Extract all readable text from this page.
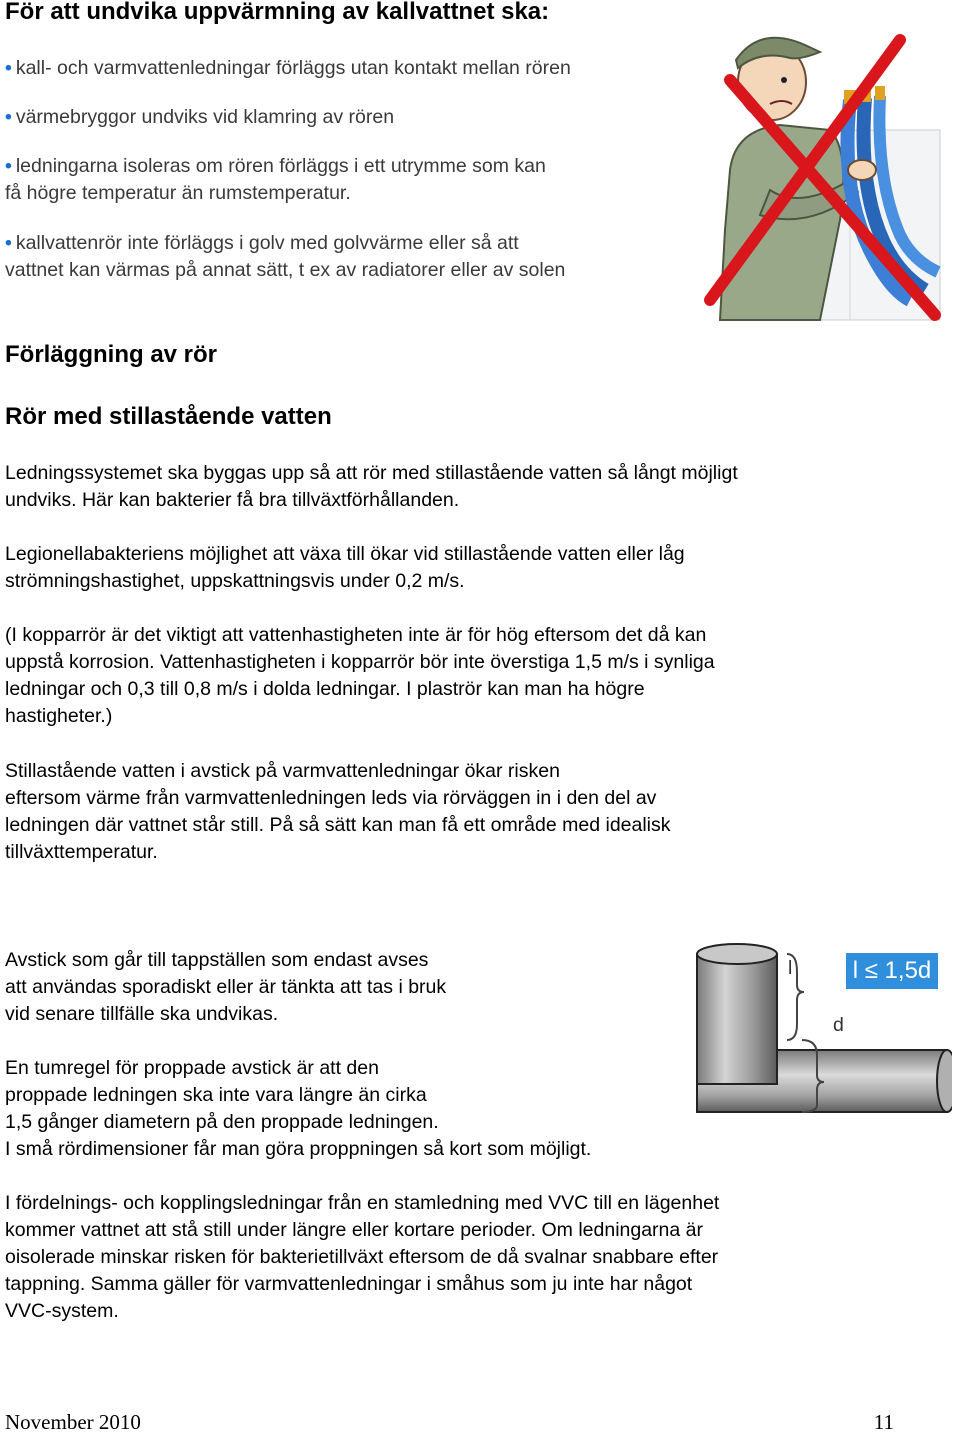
För att undvika uppvärmning av kallvattnet ska:
• kall- och varmvattenledningar förläggs utan kontakt mellan rören
• värmebryggor undviks vid klamring av rören
• ledningarna isoleras om rören förläggs i ett utrymme som kan
få högre temperatur än rumstemperatur.
• kallvattenrör inte förläggs i golv med golvvärme eller så att
vattnet kan värmas på annat sätt, t ex av radiatorer eller av solen
Förläggning av rör
Rör med stillastående vatten
Ledningssystemet ska byggas upp så att rör med stillastående vatten så långt möjligt
undviks. Här kan bakterier få bra tillväxtförhållanden.
Legionellabakteriens möjlighet att växa till ökar vid stillastående vatten eller låg
strömningshastighet, uppskattningsvis under 0,2 m/s.
(I kopparrör är det viktigt att vattenhastigheten inte är för hög eftersom det då kan
uppstå korrosion. Vattenhastigheten i kopparrör bör inte överstiga 1,5 m/s i synliga
ledningar och 0,3 till 0,8 m/s i dolda ledningar. I plaströr kan man ha högre
hastigheter.)
Stillastående vatten i avstick på varmvattenledningar ökar risken
eftersom värme från varmvattenledningen leds via rörväggen in i den del av
ledningen där vattnet står still. På så sätt kan man få ett område med idealisk
tillväxttemperatur.
Avstick som går till tappställen som endast avses
att användas sporadiskt eller är tänkta att tas i bruk
vid senare tillfälle ska undvikas.
l
d
l ≤ 1,5d
En tumregel för proppade avstick är att den
proppade ledningen ska inte vara längre än cirka
1,5 gånger diametern på den proppade ledningen.
I små rördimensioner får man göra proppningen så kort som möjligt.
I fördelnings- och kopplingsledningar från en stamledning med VVC till en lägenhet
kommer vattnet att stå still under längre eller kortare perioder. Om ledningarna är
oisolerade minskar risken för bakterietillväxt eftersom de då svalnar snabbare efter
tappning. Samma gäller för varmvattenledningar i småhus som ju inte har något
VVC-system.
November 2010	11
